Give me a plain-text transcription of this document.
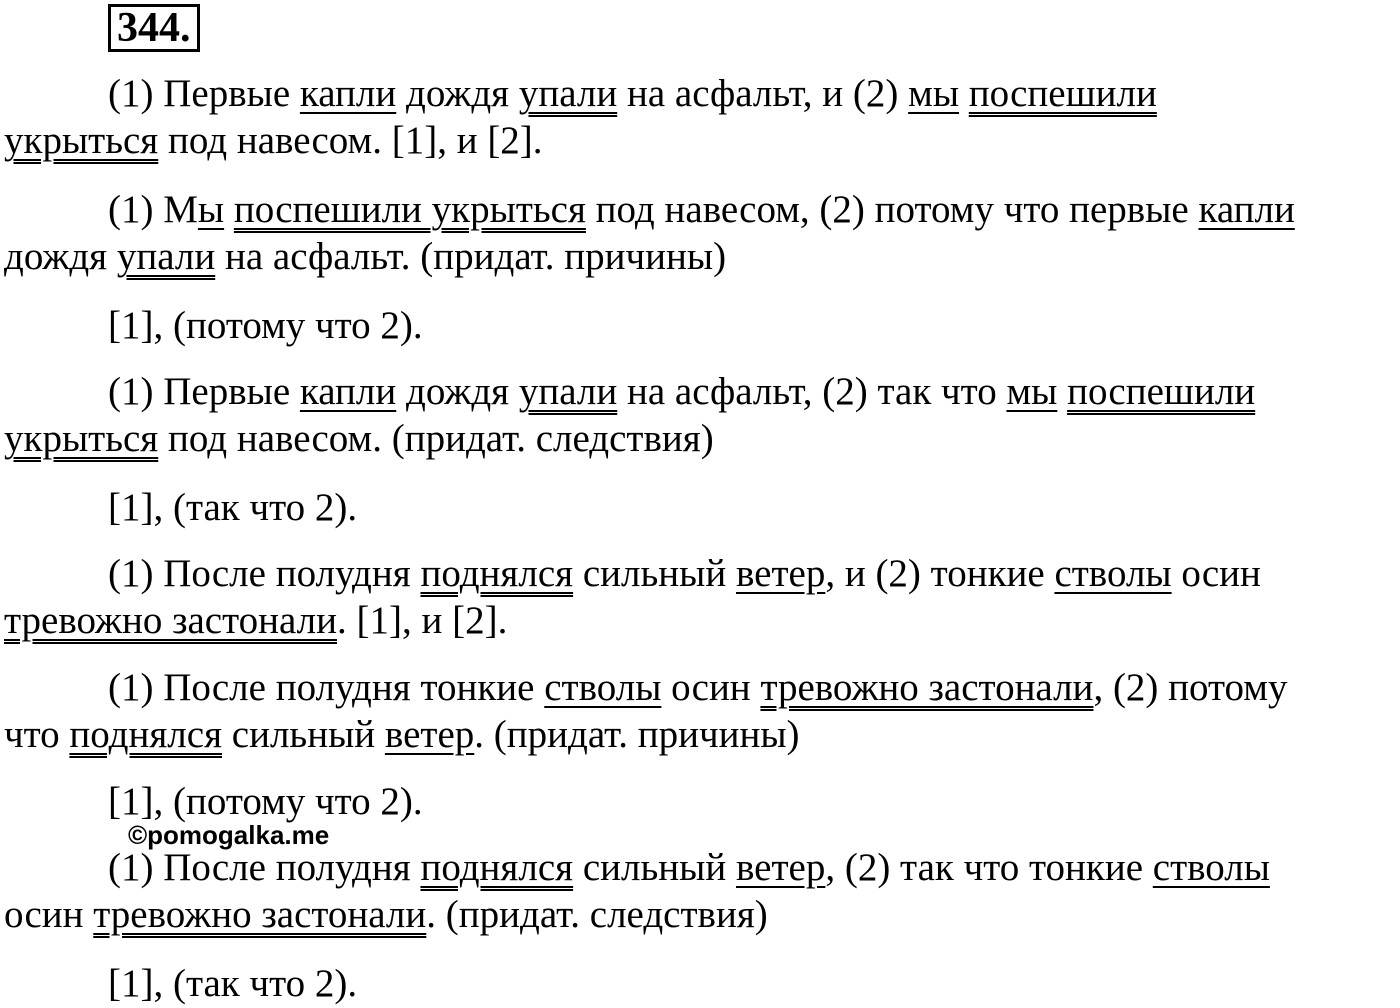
344.
(1) Первые капли дождя упали на асфальт, и (2) мы поспешили
укрыться под навесом. [1], и [2].
(1) Мы поспешили укрыться под навесом, (2) потому что первые капли
дождя упали на асфальт. (придат. причины)
[1], (потому что 2).
(1) Первые капли дождя упали на асфальт, (2) так что мы поспешили
укрыться под навесом. (придат. следствия)
[1], (так что 2).
(1) После полудня поднялся сильный ветер, и (2) тонкие стволы осин
тревожно застонали. [1], и [2].
(1) После полудня тонкие стволы осин тревожно застонали, (2) потому
что поднялся сильный ветер. (придат. причины)
[1], (потому что 2).
(1) После полудня поднялся сильный ветер, (2) так что тонкие стволы
осин тревожно застонали. (придат. следствия)
[1], (так что 2).
©pomogalka.me
